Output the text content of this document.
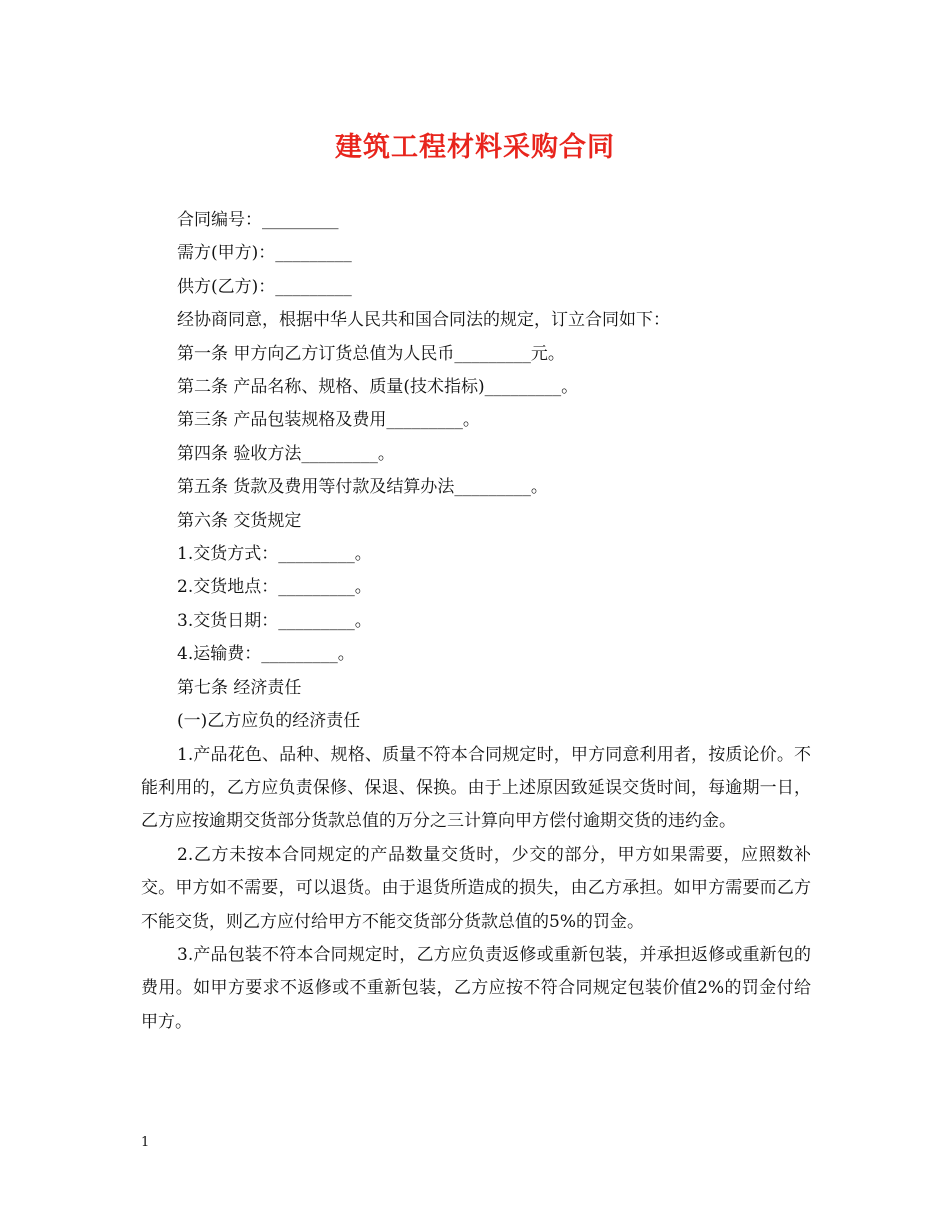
建筑工程材料采购合同

合同编号：_________

需方(甲方)：_________

供方(乙方)：_________

经协商同意，根据中华人民共和国合同法的规定，订立合同如下：

第一条 甲方向乙方订货总值为人民币_________元。

第二条 产品名称、规格、质量(技术指标)_________。

第三条 产品包装规格及费用_________。

第四条 验收方法_________。

第五条 货款及费用等付款及结算办法_________。

第六条 交货规定

1.交货方式：_________。

2.交货地点：_________。

3.交货日期：_________。

4.运输费：_________。

第七条 经济责任

(一)乙方应负的经济责任

1.产品花色、品种、规格、质量不符本合同规定时，甲方同意利用者，按质论价。不能利用的，乙方应负责保修、保退、保换。由于上述原因致延误交货时间，每逾期一日，乙方应按逾期交货部分货款总值的万分之三计算向甲方偿付逾期交货的违约金。

2.乙方未按本合同规定的产品数量交货时，少交的部分，甲方如果需要，应照数补交。甲方如不需要，可以退货。由于退货所造成的损失，由乙方承担。如甲方需要而乙方不能交货，则乙方应付给甲方不能交货部分货款总值的5%的罚金。

3.产品包装不符本合同规定时，乙方应负责返修或重新包装，并承担返修或重新包的费用。如甲方要求不返修或不重新包装，乙方应按不符合同规定包装价值2%的罚金付给甲方。

1
